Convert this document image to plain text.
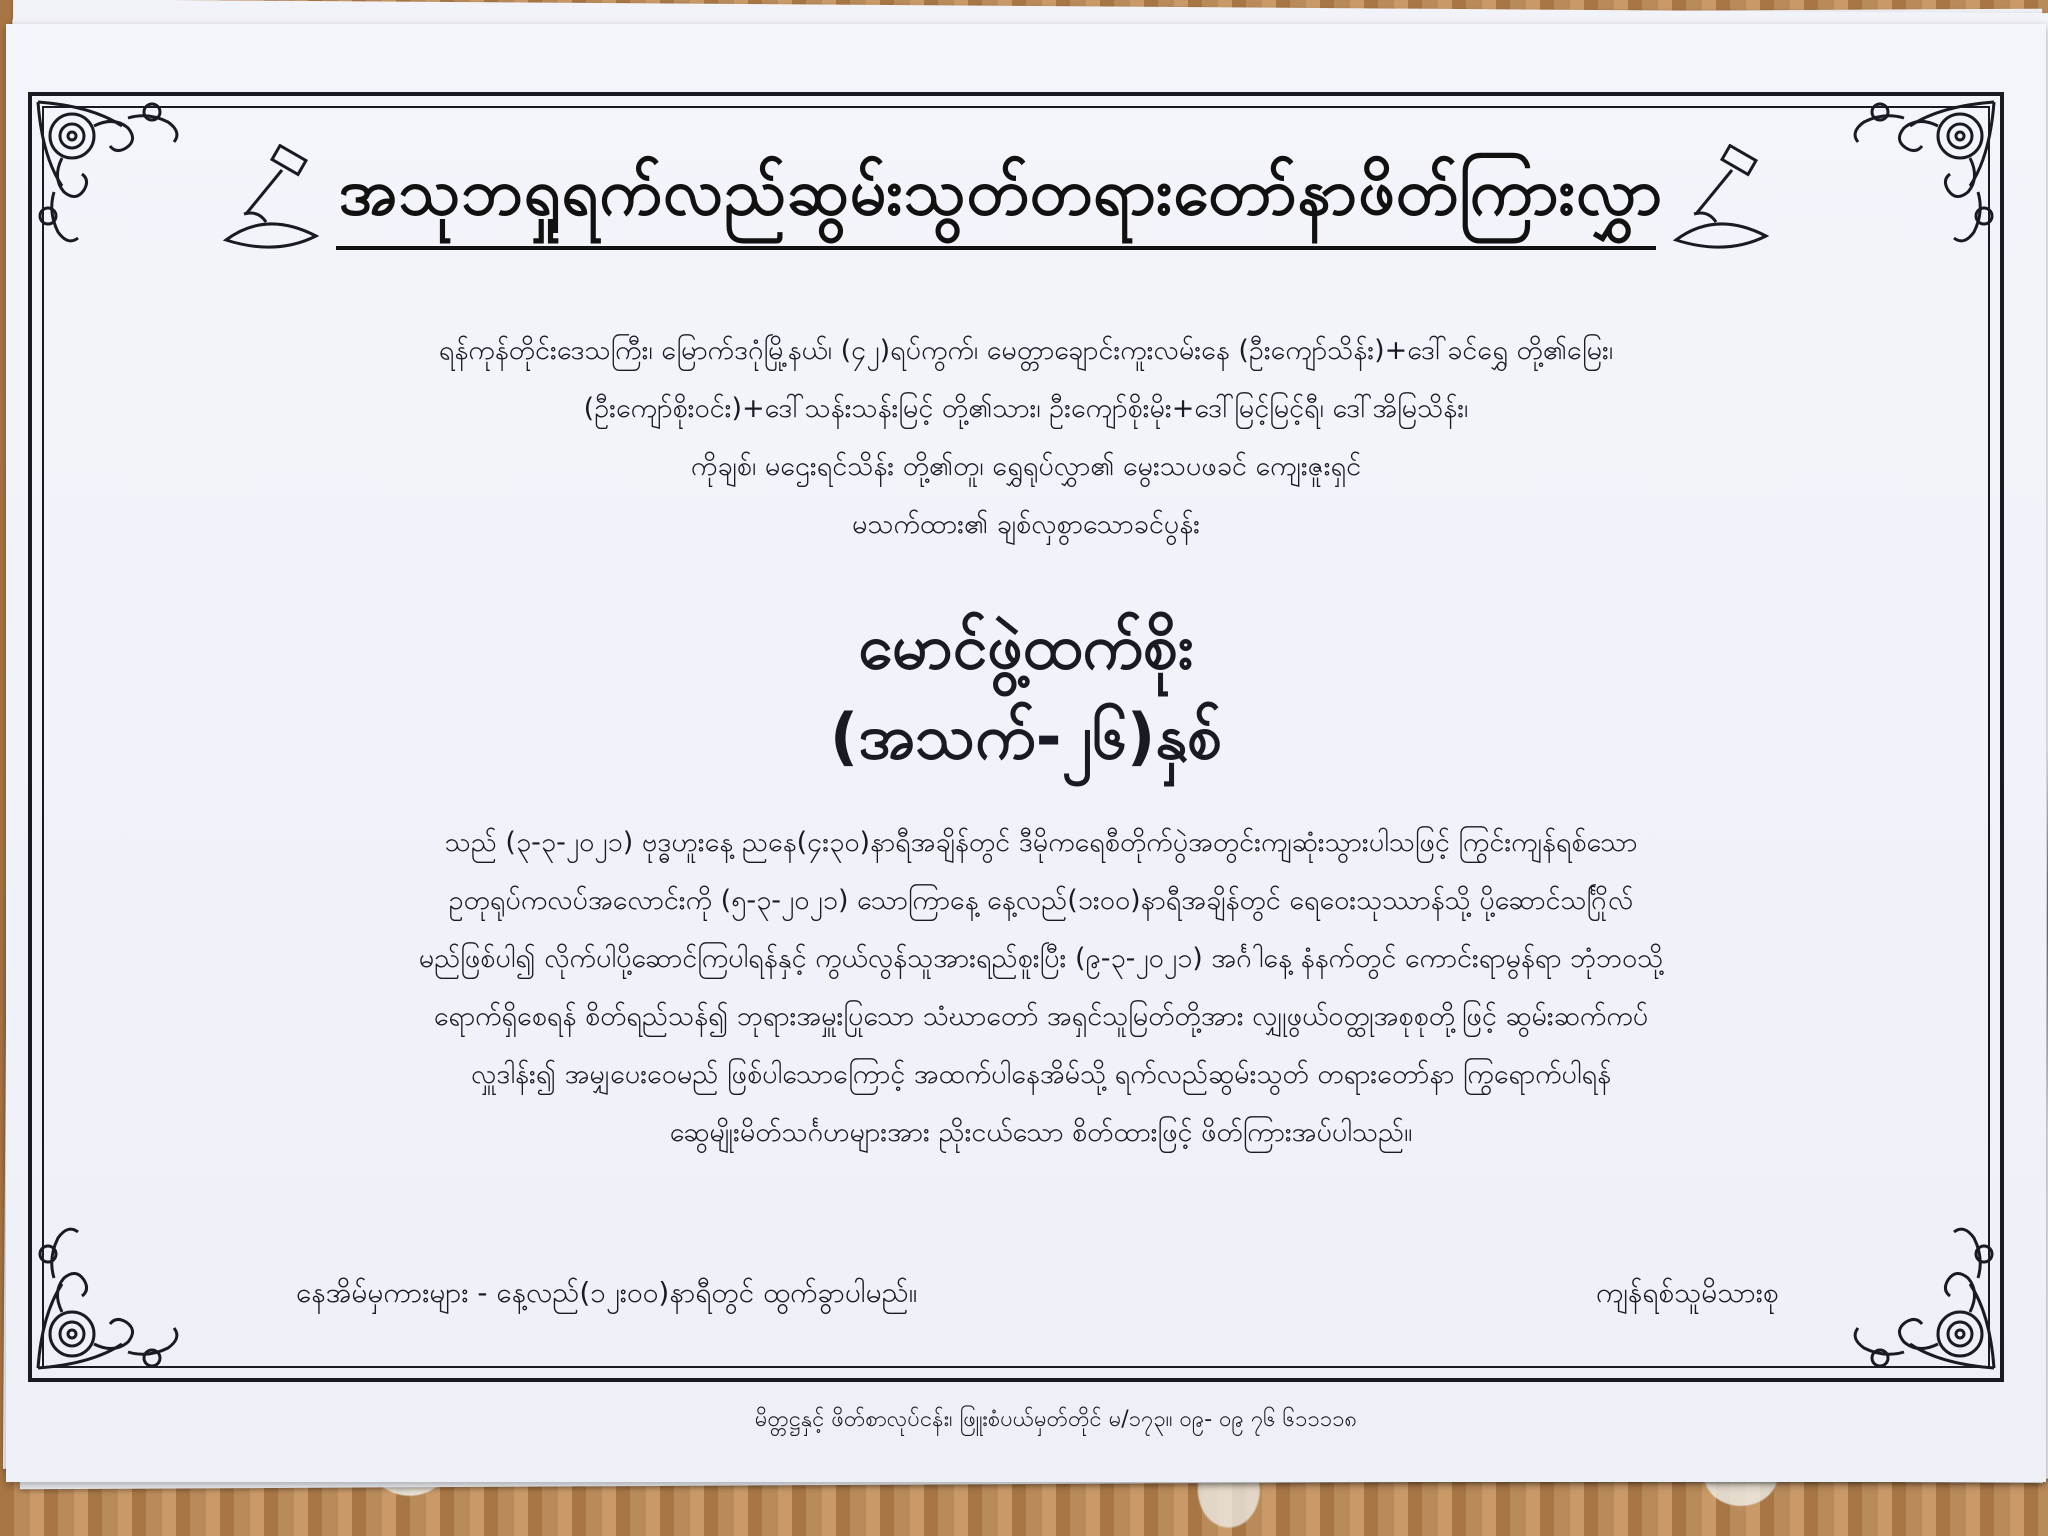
အသုဘရှုရက်လည်ဆွမ်းသွတ်တရားတော်နာဖိတ်ကြားလွှာ

ရန်ကုန်တိုင်းဒေသကြီး၊ မြောက်ဒဂုံမြို့နယ်၊ (၄၂)ရပ်ကွက်၊ မေတ္တာချောင်းကူးလမ်းနေ (ဦးကျော်သိန်း)+ဒေါ်ခင်ရွှေ တို့၏မြေး၊

(ဦးကျော်စိုးဝင်း)+ဒေါ်သန်းသန်းမြင့် တို့၏သား၊ ဦးကျော်စိုးမိုး+ဒေါ်မြင့်မြင့်ရီ၊ ဒေါ်အိမြသိန်း၊

ကိုချစ်၊ မဌေးရင်သိန်း တို့၏တူ၊ ရွှေရုပ်လွှာ၏ မွေးသပဖခင် ကျေးဇူးရှင်

မသက်ထား၏ ချစ်လှစွာသောခင်ပွန်း

မောင်ဖွဲ့ထက်စိုး

(အသက်-၂၆)နှစ်

သည် (၃-၃-၂၀၂၁) ဗုဒ္ဓဟူးနေ့ ညနေ(၄း၃၀)နာရီအချိန်တွင် ဒီမိုကရေစီတိုက်ပွဲအတွင်းကျဆုံးသွားပါသဖြင့် ကြွင်းကျန်ရစ်သော

ဥတုရုပ်ကလပ်အလောင်းကို (၅-၃-၂၀၂၁) သောကြာနေ့ နေ့လည်(၁း၀၀)နာရီအချိန်တွင် ရေဝေးသုဿာန်သို့ ပို့ဆောင်သင်္ဂြိုလ်

မည်ဖြစ်ပါ၍ လိုက်ပါပို့ဆောင်ကြပါရန်နှင့် ကွယ်လွန်သူအားရည်စူးပြီး (၉-၃-၂၀၂၁) အင်္ဂါနေ့ နံနက်တွင် ကောင်းရာမွန်ရာ ဘုံဘဝသို့

ရောက်ရှိစေရန် စိတ်ရည်သန်၍ ဘုရားအမှူးပြုသော သံဃာတော် အရှင်သူမြတ်တို့အား လျှုဖွယ်ဝတ္ထုအစုစုတို့ဖြင့် ဆွမ်းဆက်ကပ်

လှူဒါန်း၍ အမျှပေးဝေမည် ဖြစ်ပါသောကြောင့် အထက်ပါနေအိမ်သို့ ရက်လည်ဆွမ်းသွတ် တရားတော်နာ ကြွရောက်ပါရန်

ဆွေမျိုးမိတ်သင်္ဂဟများအား ညိုးငယ်သော စိတ်ထားဖြင့် ဖိတ်ကြားအပ်ပါသည်။

နေအိမ်မှကားများ - နေ့လည်(၁၂း၀၀)နာရီတွင် ထွက်ခွာပါမည်။	ကျန်ရစ်သူမိသားစု
မိတ္တဋ္ဌနှင့် ဖိတ်စာလုပ်ငန်း၊ ဖြူးစံပယ်မှတ်တိုင် မ/၁၇၃။ ၀၉- ၀၉ ၇၆ ၆၁၁၁၁၈
